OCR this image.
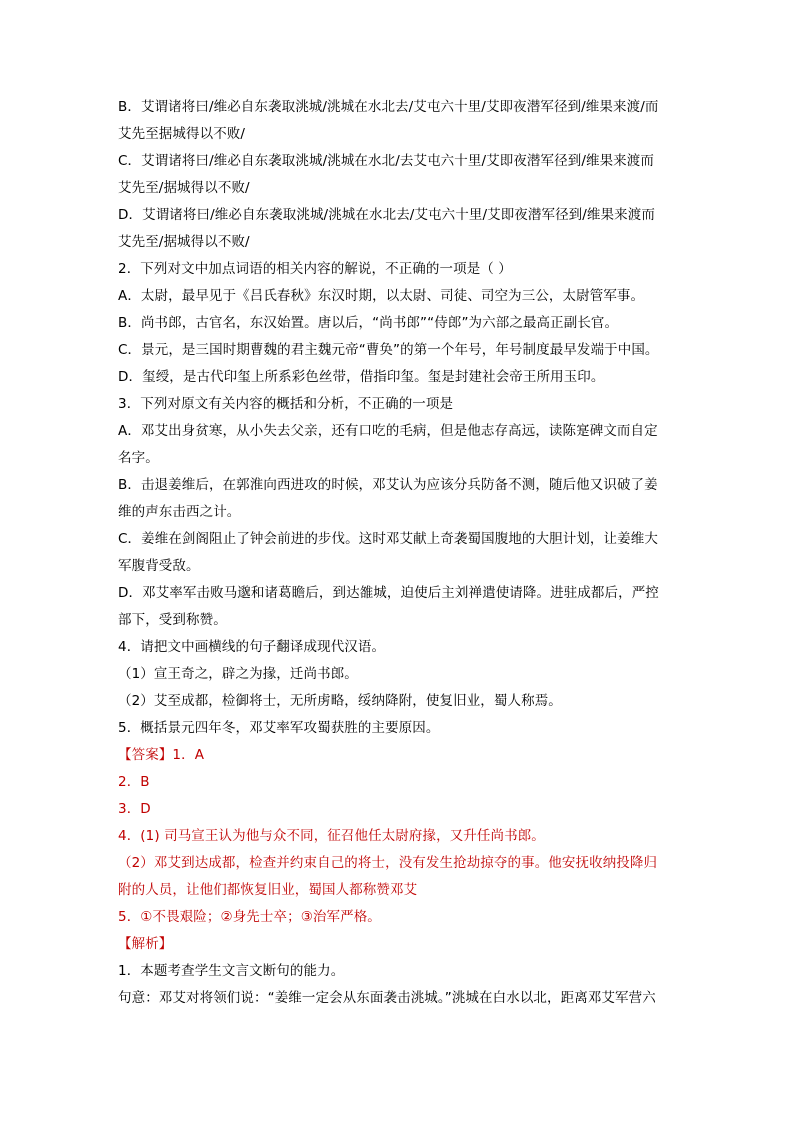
B．艾谓诸将曰/维必自东袭取洮城/洮城在水北去/艾屯六十里/艾即夜潜军径到/维果来渡/而
艾先至据城得以不败/
C．艾谓诸将曰/维必自东袭取洮城/洮城在水北/去艾屯六十里/艾即夜潜军径到/维果来渡而
艾先至/据城得以不败/
D．艾谓诸将曰/维必自东袭取洮城/洮城在水北去/艾屯六十里/艾即夜潜军径到/维果来渡而
艾先至/据城得以不败/
2．下列对文中加点词语的相关内容的解说，不正确的一项是（ ）
A．太尉，最早见于《吕氏春秋》东汉时期，以太尉、司徒、司空为三公，太尉管军事。
B．尚书郎，古官名，东汉始置。唐以后，“尚书郎”“侍郎”为六部之最高正副长官。
C．景元，是三国时期曹魏的君主魏元帝“曹奂”的第一个年号，年号制度最早发端于中国。
D．玺绶，是古代印玺上所系彩色丝带，借指印玺。玺是封建社会帝王所用玉印。
3．下列对原文有关内容的概括和分析，不正确的一项是
A．邓艾出身贫寒，从小失去父亲，还有口吃的毛病，但是他志存高远，读陈寔碑文而自定
名字。
B．击退姜维后，在郭淮向西进攻的时候，邓艾认为应该分兵防备不测，随后他又识破了姜
维的声东击西之计。
C．姜维在剑阁阻止了钟会前进的步伐。这时邓艾献上奇袭蜀国腹地的大胆计划，让姜维大
军腹背受敌。
D．邓艾率军击败马邈和诸葛瞻后，到达雒城，迫使后主刘禅遣使请降。进驻成都后，严控
部下，受到称赞。
4．请把文中画横线的句子翻译成现代汉语。
（1）宣王奇之，辟之为掾，迁尚书郎。
（2）艾至成都，检御将士，无所虏略，绥纳降附，使复旧业，蜀人称焉。
5．概括景元四年冬，邓艾率军攻蜀获胜的主要原因。
【答案】1．A
2．B
3．D
4．(1) 司马宣王认为他与众不同，征召他任太尉府掾，又升任尚书郎。
（2）邓艾到达成都，检查并约束自己的将士，没有发生抢劫掠夺的事。他安抚收纳投降归
附的人员，让他们都恢复旧业，蜀国人都称赞邓艾
5．①不畏艰险；②身先士卒；③治军严格。
【解析】
1．本题考查学生文言文断句的能力。
句意：邓艾对将领们说：“姜维一定会从东面袭击洮城。”洮城在白水以北，距离邓艾军营六
